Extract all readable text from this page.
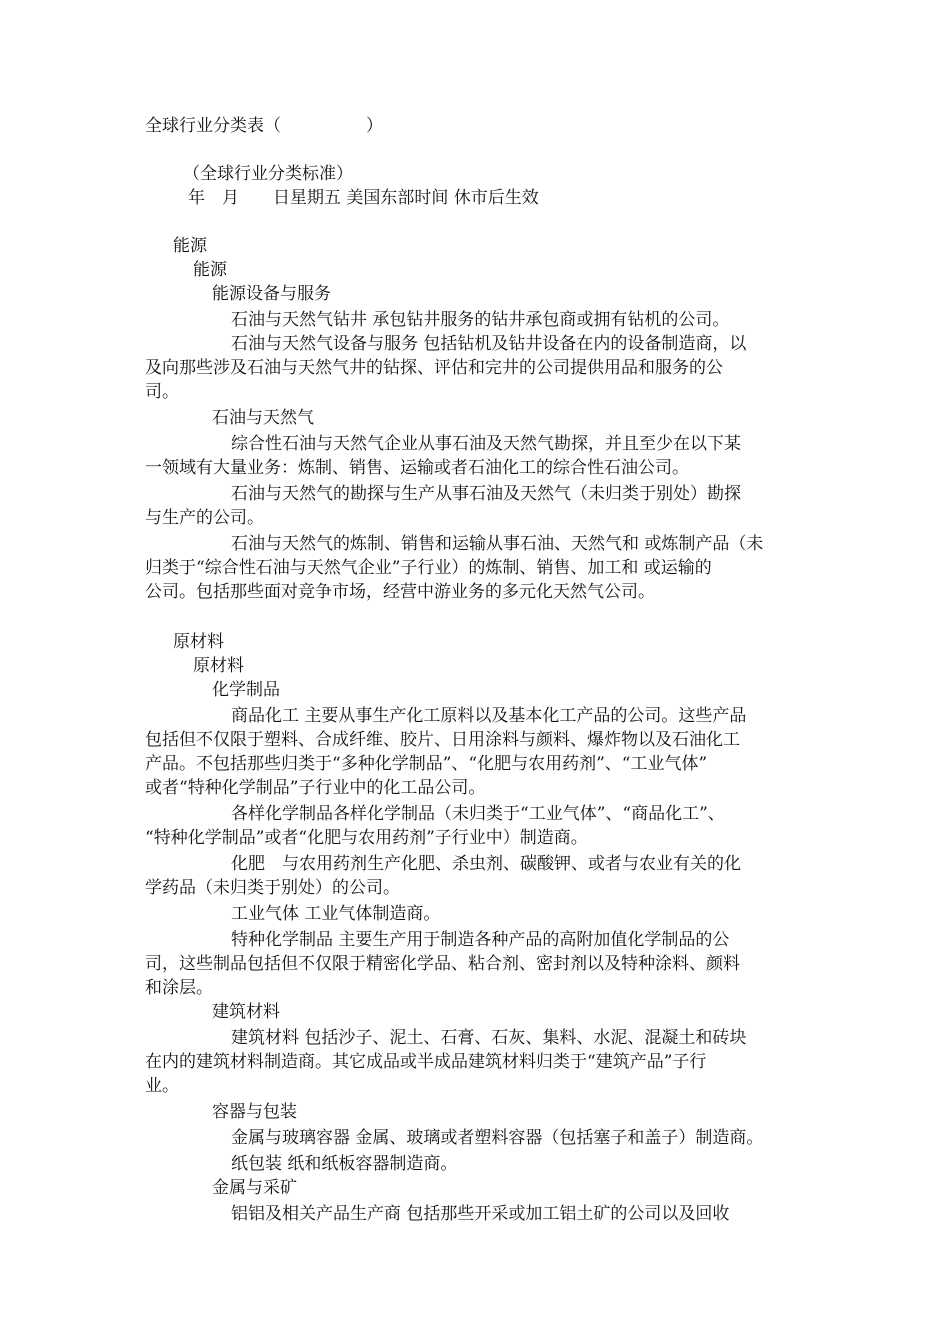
全球行业分类表（　　　　　）
（全球行业分类标准）
年　月　　日星期五 美国东部时间 休市后生效
能源
能源
能源设备与服务
石油与天然气钻井 承包钻井服务的钻井承包商或拥有钻机的公司。
石油与天然气设备与服务 包括钻机及钻井设备在内的设备制造商，以
及向那些涉及石油与天然气井的钻探、评估和完井的公司提供用品和服务的公
司。
石油与天然气
综合性石油与天然气企业从事石油及天然气勘探，并且至少在以下某
一领域有大量业务：炼制、销售、运输或者石油化工的综合性石油公司。
石油与天然气的勘探与生产从事石油及天然气（未归类于别处）勘探
与生产的公司。
石油与天然气的炼制、销售和运输从事石油、天然气和 或炼制产品（未
归类于“综合性石油与天然气企业”子行业）的炼制、销售、加工和 或运输的
公司。包括那些面对竞争市场，经营中游业务的多元化天然气公司。
原材料
原材料
化学制品
商品化工 主要从事生产化工原料以及基本化工产品的公司。这些产品
包括但不仅限于塑料、合成纤维、胶片、日用涂料与颜料、爆炸物以及石油化工
产品。不包括那些归类于“多种化学制品”、“化肥与农用药剂”、“工业气体”
或者“特种化学制品”子行业中的化工品公司。
各样化学制品各样化学制品（未归类于“工业气体”、“商品化工”、
“特种化学制品”或者“化肥与农用药剂”子行业中）制造商。
化肥　与农用药剂生产化肥、杀虫剂、碳酸钾、或者与农业有关的化
学药品（未归类于别处）的公司。
工业气体 工业气体制造商。
特种化学制品 主要生产用于制造各种产品的高附加值化学制品的公
司，这些制品包括但不仅限于精密化学品、粘合剂、密封剂以及特种涂料、颜料
和涂层。
建筑材料
建筑材料 包括沙子、泥土、石膏、石灰、集料、水泥、混凝土和砖块
在内的建筑材料制造商。其它成品或半成品建筑材料归类于“建筑产品”子行
业。
容器与包装
金属与玻璃容器 金属、玻璃或者塑料容器（包括塞子和盖子）制造商。
纸包装 纸和纸板容器制造商。
金属与采矿
铝铝及相关产品生产商 包括那些开采或加工铝土矿的公司以及回收
